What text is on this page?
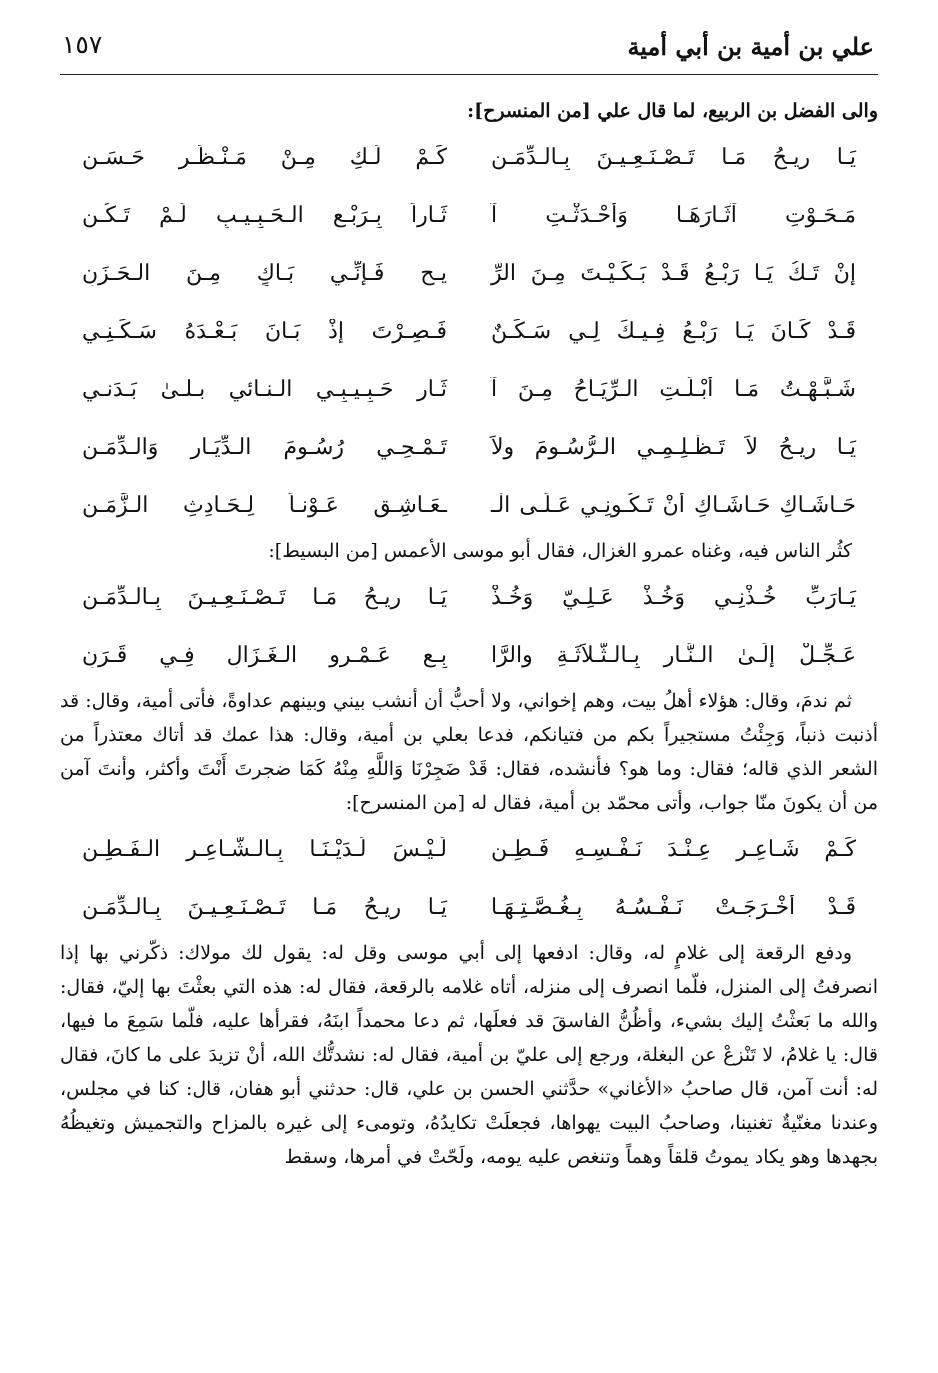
علي بن أمية بن أبي أمية
١٥٧

والى الفضل بن الربيع، لما قال علي [من المنسرح]:

يَـا رِيـحُ مَـا تَـصْـنَـعِـيـنَ بِـالـدِّمَـنِ
كَـمْ لَـكِ مِـنْ مَـنْـظَـرٍ حَـسَـنِ
مَـحَـوْتِ آثَـارَهَـا وَأَحْـدَثْـتِ آ
ثَـاراً بِـرَبْـعِ الـحَـبِـيـبِ لَـمْ تَـكُـنِ
إِنْ تَـكُ يَـا رَبْـعُ قَـدْ بَـكَـيْـتَ مِـنَ الرِّ
يـحِ فَـإِنِّـي بَـاكٍ مِـنَ الـحَـزَنِ
قَـدْ كَـانَ يَـا رَبْـعُ فِـيـكَ لِـي سَـكَـنٌ
فَـصِـرْتَ إِذْ بَـانَ بَـعْـدَهُ سَـكَـنِـي
شَـبَّـهْـتُ مَـا أَبْـلَـتِ الـرِّيَـاحُ مِـنَ آ
ثَـارِ حَـبِـيـبِـي الـنـائي بـلـىٰ بَـدَنـي
يَـا رِيـحُ لاَ تَـظْـلِـمِـي الـرُّسُـومَ ولاَ
تَـمْـحِـي رُسُـومَ الـدِّيَـارِ وَالـدِّمَـنِ
حَـاشَـاكِ حَـاشَـاكِ أَنْ تَـكُـونِـي عَـلَـى الْـ
ـعَـاشِـقِ عَـوْنـاً لِـحَـادِثِ الـزَّمَـنِ

كثُر الناس فيه، وغناه عمرو الغزال، فقال أبو موسى الأعمس [من البسيط]:

يَـارَبِّ خُـذْنِـي وَخُـذْ عَـلِـيّ وَخُـذْ
يَـا رِيـحُ مَـا تَـصْـنَـعِـيـنَ بِـالـدِّمَـنِ
عَـجِّـلْ إِلَـىٰ الـنَّـارِ بِـالـثَّـلاَثَـةِ والرَّا
بِـعِ عَـمْـرِو الـغَـزَالِ فِـي قَـرَنِ

ثم ندمَ، وقال: هؤلاء أهلُ بيت، وهم إخواني، ولا أحبُّ أن أنشب بيني وبينهم عداوةً، فأتى أمية، وقال: قد أذنبت ذنباً، وَجِئْتُ مستجيراً بكم من فتيانكم، فدعا بعلي بن أمية، وقال: هذا عمك قد أتاك معتذراً من الشعر الذي قاله؛ فقال: وما هو؟ فأنشده، فقال: قَدْ ضَجِرْنَا وَاللَّهِ مِنْهُ كَمَا ضجرتَ أَنْتَ وأكثر، وأنتَ آمن من أن يكونَ منّا جواب، وأتى محمّد بن أمية، فقال له [من المنسرح]:

كَـمْ شَـاعِـرٍ عِـنْـدَ نَـفْـسِـهِ فَـطِـنِ
لَـيْـسَ لَـدَيْـنَـا بِـالـشَّـاعِـرِ الـفَـطِـنِ
قَـدْ أَخْـرَجَـتْ نَـفْـسُـهُ بِـغُـصَّـتِـهَـا
يَـا رِيـحُ مَـا تَـصْـنَـعِـيـنَ بِـالـدِّمَـنِ

ودفع الرقعة إلى غلامٍ له، وقال: ادفعها إلى أبي موسى وقل له: يقول لك مولاك: ذكّرني بها إذا انصرفتُ إلى المنزل، فلّما انصرف إلى منزله، أتاه غلامه بالرقعة، فقال له: هذه التي بعثْتَ بها إليّ، فقال: والله ما بَعثْتُ إليك بشيء، وأظُنُّ الفاسقَ قد فعلَها، ثم دعا محمداً ابنَهُ، فقرأها عليه، فلّما سَمِعَ ما فيها، قال: يا غلامُ، لا تَنْزعْ عن البغلة، ورجع إلى عليّ بن أمية، فقال له: نشدتُّك الله، أنْ تزيدَ على ما كانَ، فقال له: أنت آمن، قال صاحبُ «الأغاني» حدَّثني الحسن بن علي، قال: حدثني أبو هفان، قال: كنا في مجلس، وعندنا مغنّيةٌ تغنينا، وصاحبُ البيت يهواها، فجعلَتْ تكايدُهُ، وتومىء إلى غيره بالمزاح والتجميش وتغيظُهُ بجهدها وهو يكاد يموتُ قلقاً وهماً وتنغص عليه يومه، ولَحّتْ في أمرها، وسقط
